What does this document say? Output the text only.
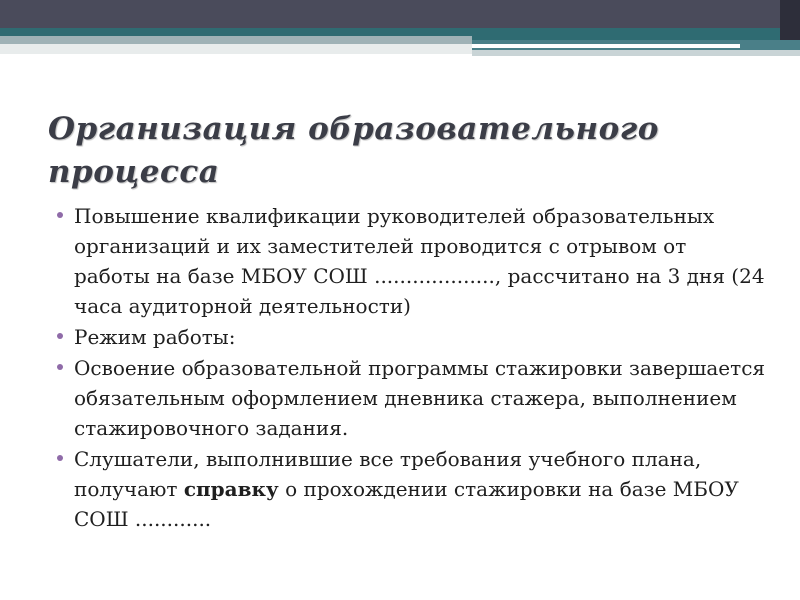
Организация образовательного процесса
Повышение квалификации руководителей образовательных организаций и их заместителей проводится с отрывом от работы на базе МБОУ СОШ ..................., рассчитано на 3 дня (24 часа аудиторной деятельности)
Режим работы:
Освоение образовательной программы стажировки завершается обязательным оформлением дневника стажера, выполнением стажировочного задания.
Слушатели, выполнившие все требования учебного плана, получают справку о прохождении стажировки на базе МБОУ СОШ ............
